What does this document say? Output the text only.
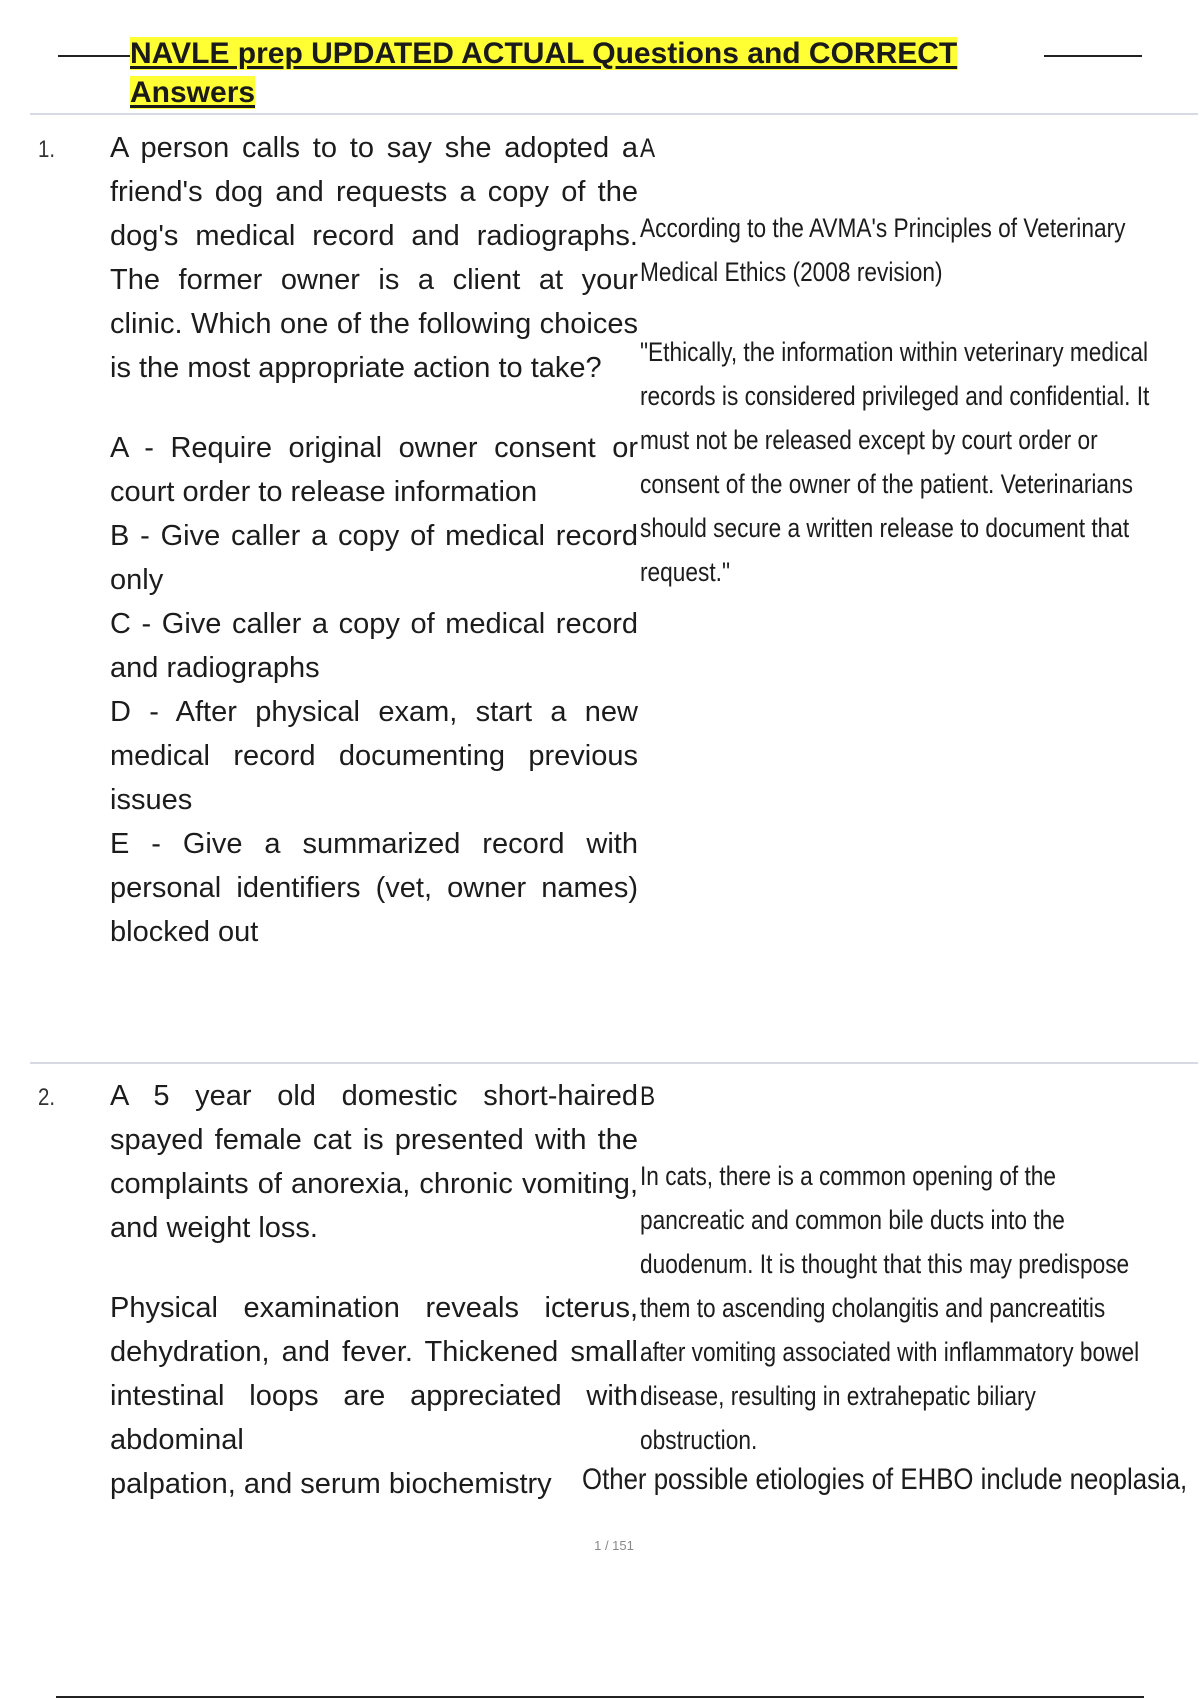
NAVLE prep UPDATED ACTUAL Questions and CORRECT Answers
1. A person calls to to say she adopted a friend's dog and requests a copy of the dog's medical record and radiographs. The former owner is a client at your clinic. Which one of the following choices is the most appropriate action to take?

A - Require original owner consent or court order to release information

B - Give caller a copy of medical record only

C - Give caller a copy of medical record and radiographs

D - After physical exam, start a new medical record documenting previous issues

E - Give a summarized record with personal identifiers (vet, owner names) blocked out

A

According to the AVMA's Principles of Veterinary Medical Ethics (2008 revision)

"Ethically, the information within veterinary medical records is considered privileged and confidential. It must not be released except by court order or consent of the owner of the patient. Veterinarians should secure a written release to document that request."

2. A 5 year old domestic short-haired spayed female cat is presented with the complaints of anorexia, chronic vomiting, and weight loss.

Physical examination reveals icterus, dehydration, and fever. Thickened small intestinal loops are appreciated with abdominal

palpation, and serum biochemistry

B

In cats, there is a common opening of the pancreatic and common bile ducts into the duodenum. It is thought that this may predispose them to ascending cholangitis and pancreatitis after vomiting associated with inflammatory bowel disease, resulting in extrahepatic biliary obstruction.

Other possible etiologies of EHBO include neoplasia,
1 / 151
